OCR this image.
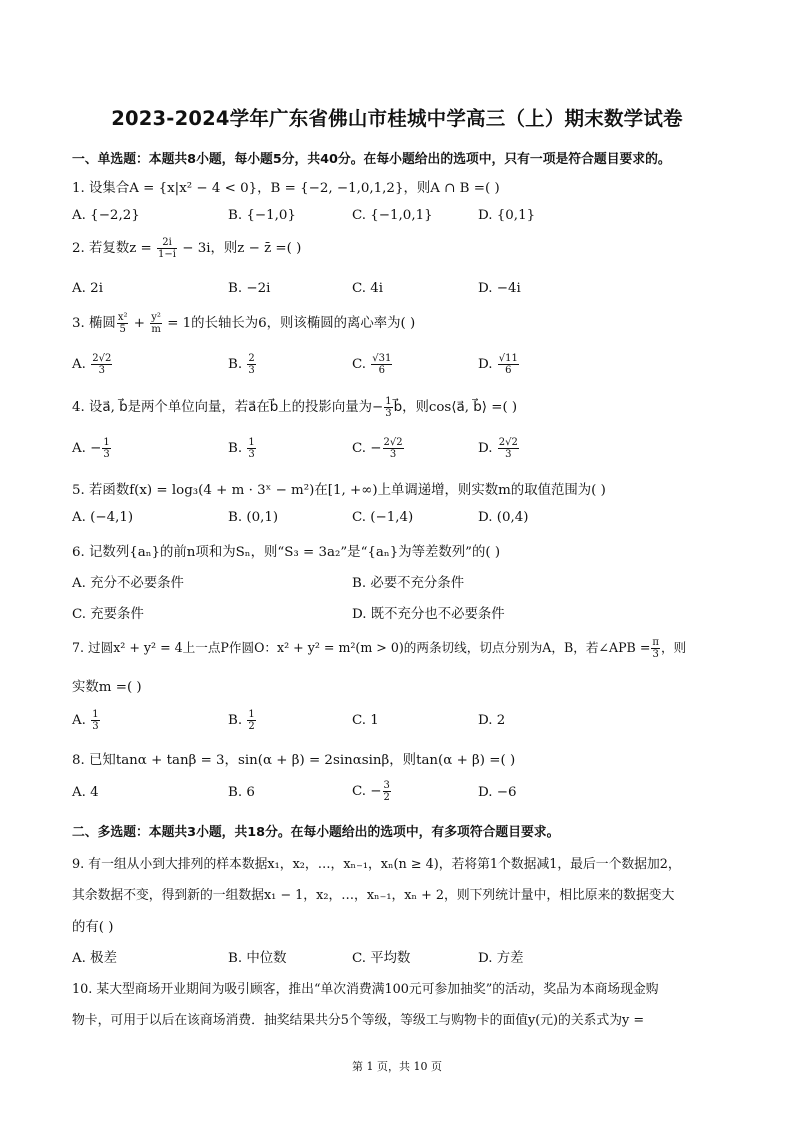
2023-2024学年广东省佛山市桂城中学高三（上）期末数学试卷
一、单选题：本题共8小题，每小题5分，共40分。在每小题给出的选项中，只有一项是符合题目要求的。
1. 设集合A = {x|x² − 4 < 0}，B = {−2, −1,0,1,2}，则A ∩ B =( )
A. {−2,2}	B. {−1,0}	C. {−1,0,1}	D. {0,1}
2. 若复数$z = \frac{2i}{1-i} - 3i$，则z − z̄ =( )
A. 2i	B. −2i	C. 4i	D. −4i
3. 椭圆 $\frac{\text{x²}}{5} + \frac{\text{y²}}{m} = 1$的长轴长为6，则该椭圆的离心率为( )
A. $\frac{2√2}{3}$	B. $\frac{2}{3}$	C. $\frac{√31}{6}$	D. $\frac{√11}{6}$
4. 设a⃗, b⃗是两个单位向量，若a⃗在b⃗上的投影向量为− $\frac{1}{3}$ b⃗，则cos⟨a⃗, b⃗⟩ =( )
A. − $\frac{1}{3}$	B. $\frac{1}{3}$	C. − $\frac{2√2}{3}$	D. $\frac{2√2}{3}$
5. 若函数f(x) = log₃(4 + m · 3ˣ − m²)在[1, +∞)上单调递增，则实数m的取值范围为( )
A. (−4,1)	B. (0,1)	C. (−1,4)	D. (0,4)
6. 记数列{aₙ}的前n项和为Sₙ，则“S₃ = 3a₂”是“{aₙ}为等差数列”的( )
A. 充分不必要条件	B. 必要不充分条件
C. 充要条件	D. 既不充分也不必要条件
7. 过圆x² + y² = 4上一点P作圆O：x² + y² = m²(m > 0)的两条切线，切点分别为A，B，若∠APB = $\frac{\pi}{3}$ ，则
实数m =( )
A. $\frac{1}{3}$	B. $\frac{1}{2}$	C. 1	D. 2
8. 已知tanα + tanβ = 3，sin(α + β) = 2sinαsinβ，则tan(α + β) =( )
A. 4	B. 6	C. − $\frac{3}{2}$	D. −6
二、多选题：本题共3小题，共18分。在每小题给出的选项中，有多项符合题目要求。
9. 有一组从小到大排列的样本数据x₁，x₂，…，xₙ₋₁，xₙ(n ≥ 4)，若将第1个数据减1，最后一个数据加2，
其余数据不变，得到新的一组数据x₁ − 1，x₂，…，xₙ₋₁，xₙ + 2，则下列统计量中，相比原来的数据变大
的有( )
A. 极差	B. 中位数	C. 平均数	D. 方差
10. 某大型商场开业期间为吸引顾客，推出“单次消费满100元可参加抽奖”的活动，奖品为本商场现金购
物卡，可用于以后在该商场消费．抽奖结果共分5个等级，等级工与购物卡的面值y(元)的关系式为y =
第 1 页，共 10 页
